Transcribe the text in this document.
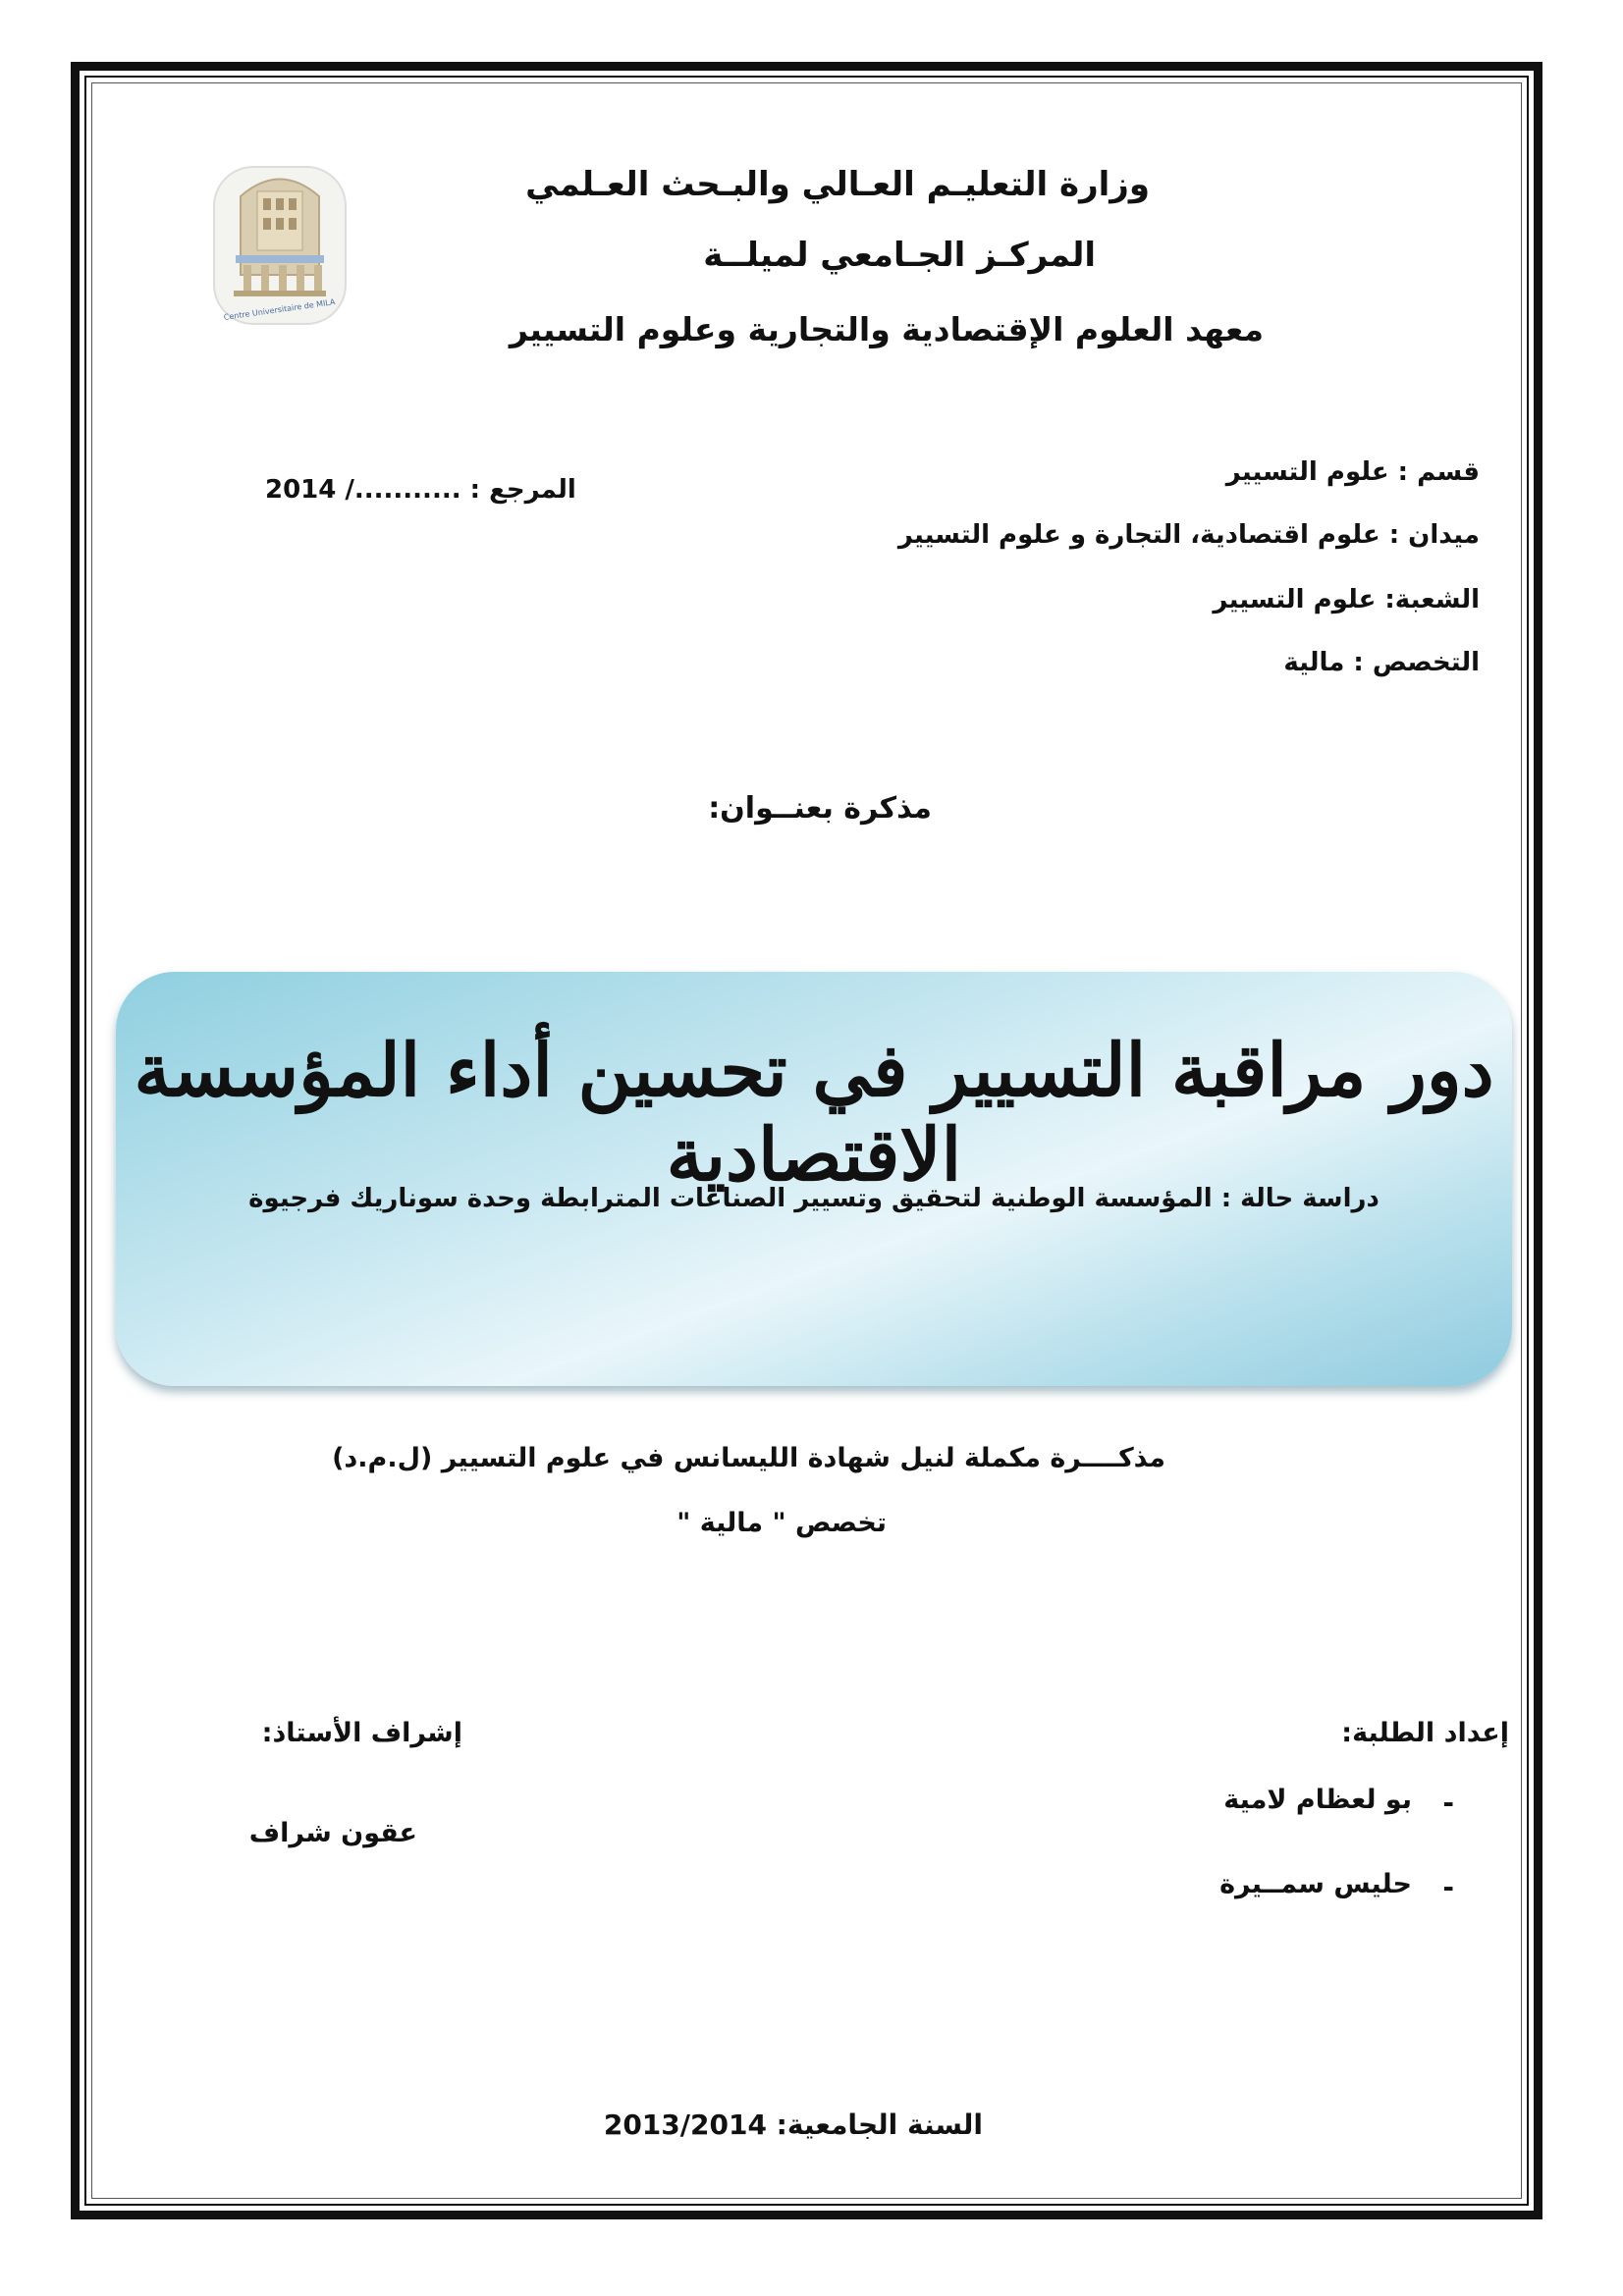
Centre Universitaire de MILA
وزارة التعليـم العـالي والبـحث العـلمي
المركـز الجـامعي لميلــة
معهد العلوم الإقتصادية والتجارية وعلوم التسيير
قسم : علوم التسيير
ميدان : علوم اقتصادية، التجارة و علوم التسيير
الشعبة: علوم التسيير
التخصص : مالية
المرجع : .........../ 2014
مذكرة بعنــوان:
دور مراقبة التسيير في تحسين أداء المؤسسة الاقتصادية
دراسة حالة : المؤسسة الوطنية لتحقيق وتسيير الصناعات المترابطة وحدة سوناريك فرجيوة
مذكــــرة مكملة لنيل شهادة الليسانس في علوم التسيير (ل.م.د)
تخصص " مالية "
إعداد الطلبة:
-
بو لعظام لامية
-
حليس سمــيرة
إشراف الأستاذ:
عقون شراف
السنة الجامعية: 2013/2014
